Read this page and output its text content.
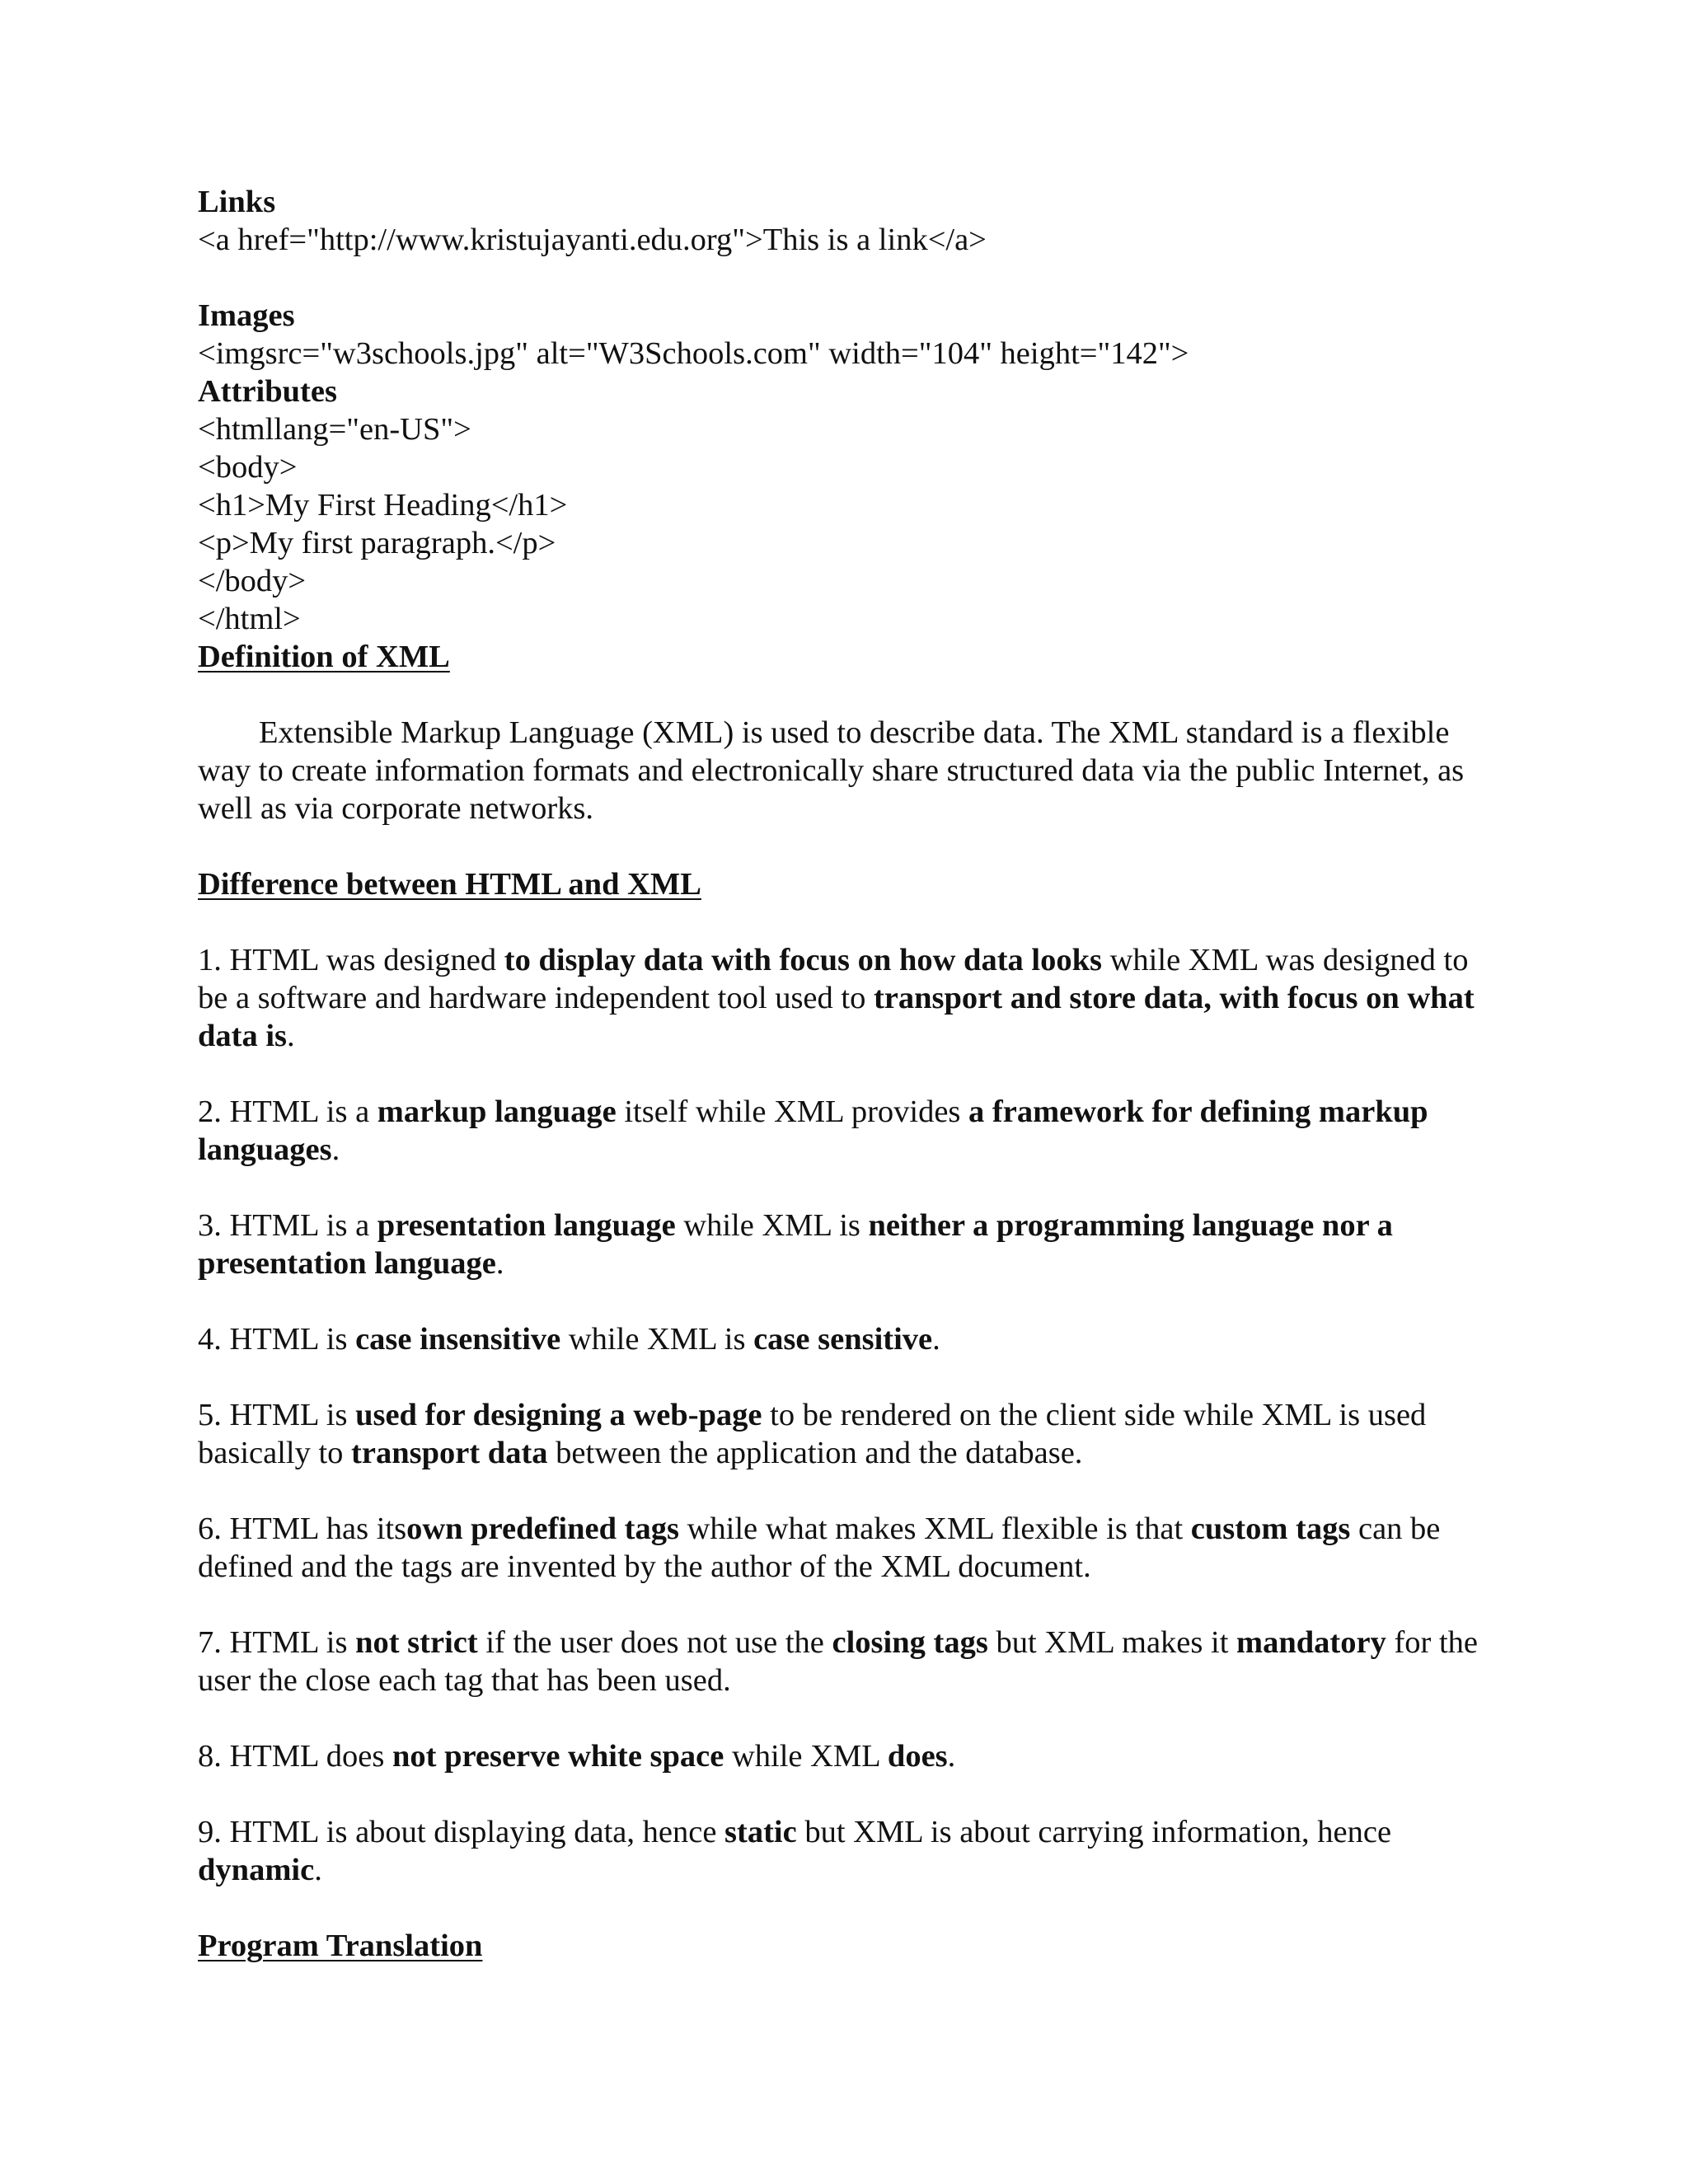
Links
<a href="http://www.kristujayanti.edu.org">This is a link</a>
Images
<imgsrc="w3schools.jpg" alt="W3Schools.com" width="104" height="142">
Attributes
<htmllang="en-US">
<body>
<h1>My First Heading</h1>
<p>My first paragraph.</p>
</body>
</html>
Definition of XML

Extensible Markup Language (XML) is used to describe data. The XML standard is a flexible way to create information formats and electronically share structured data via the public Internet, as well as via corporate networks.

Difference between HTML and XML

1. HTML was designed to display data with focus on how data looks while XML was designed to be a software and hardware independent tool used to transport and store data, with focus on what data is.

2. HTML is a markup language itself while XML provides a framework for defining markup languages.

3. HTML is a presentation language while XML is neither a programming language nor a presentation language.

4. HTML is case insensitive while XML is case sensitive.

5. HTML is used for designing a web-page to be rendered on the client side while XML is used basically to transport data between the application and the database.

6. HTML has itsown predefined tags while what makes XML flexible is that custom tags can be defined and the tags are invented by the author of the XML document.

7. HTML is not strict if the user does not use the closing tags but XML makes it mandatory for the user the close each tag that has been used.

8. HTML does not preserve white space while XML does.

9. HTML is about displaying data, hence static but XML is about carrying information, hence dynamic.

Program Translation
